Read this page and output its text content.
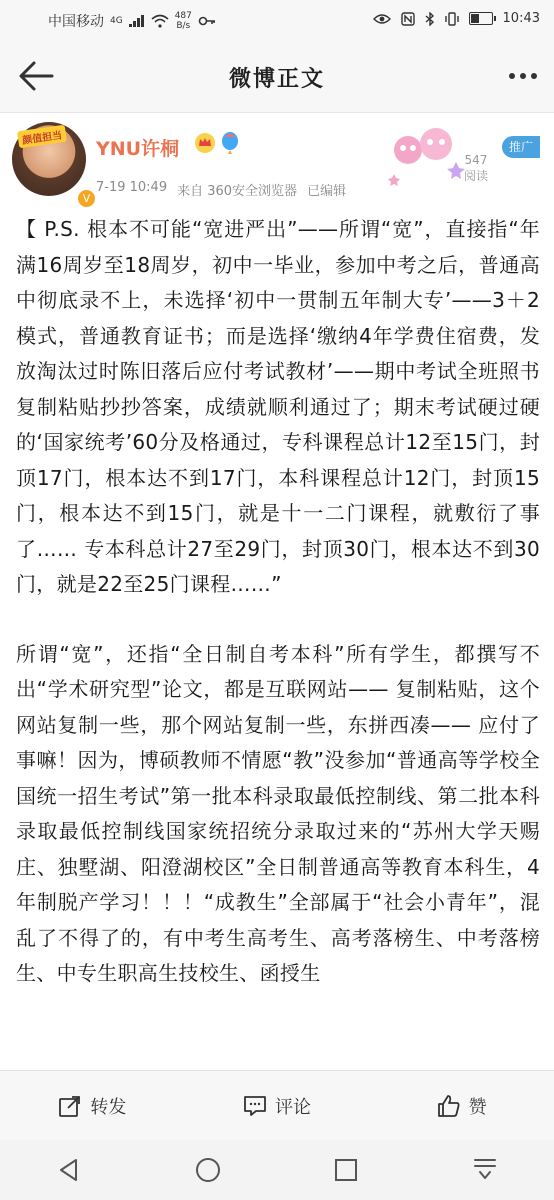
中国移动 4G	487
B/s	10:43
微博正文
颜值担当
V
YNU许桐
7-19 10:49 来自 360安全浏览器 已编辑
547
阅读
推广

【 P.S. 根本不可能“宽进严出”——所谓“宽”，直接指“年满16周岁至18周岁，初中一毕业，参加中考之后，普通高中彻底录不上，未选择‘初中一贯制五年制大专’——3＋2 模式，普通教育证书；而是选择‘缴纳4年学费住宿费，发放淘汰过时陈旧落后应付考试教材’——期中考试全班照书复制粘贴抄抄答案，成绩就顺利通过了；期末考试硬过硬的‘国家统考’60分及格通过，专科课程总计12至15门，封顶17门，根本达不到17门，本科课程总计12门，封顶15门，根本达不到15门，就是十一二门课程，就敷衍了事了…… 专本科总计27至29门，封顶30门，根本达不到30门，就是22至25门课程……”

所谓“宽”，还指“全日制自考本科”所有学生，都撰写不出“学术研究型”论文，都是互联网站—— 复制粘贴，这个网站复制一些，那个网站复制一些，东拼西凑—— 应付了事嘛！因为，博硕教师不情愿“教”没参加“普通高等学校全国统一招生考试”第一批本科录取最低控制线、第二批本科录取最低控制线国家统招统分录取过来的“苏州大学天赐庄、独墅湖、阳澄湖校区”全日制普通高等教育本科生，4年制脱产学习！！！“成教生”全部属于“社会小青年”，混乱了不得了的，有中考生高考生、高考落榜生、中考落榜生、中专生职高生技校生、函授生

转发	评论	赞
